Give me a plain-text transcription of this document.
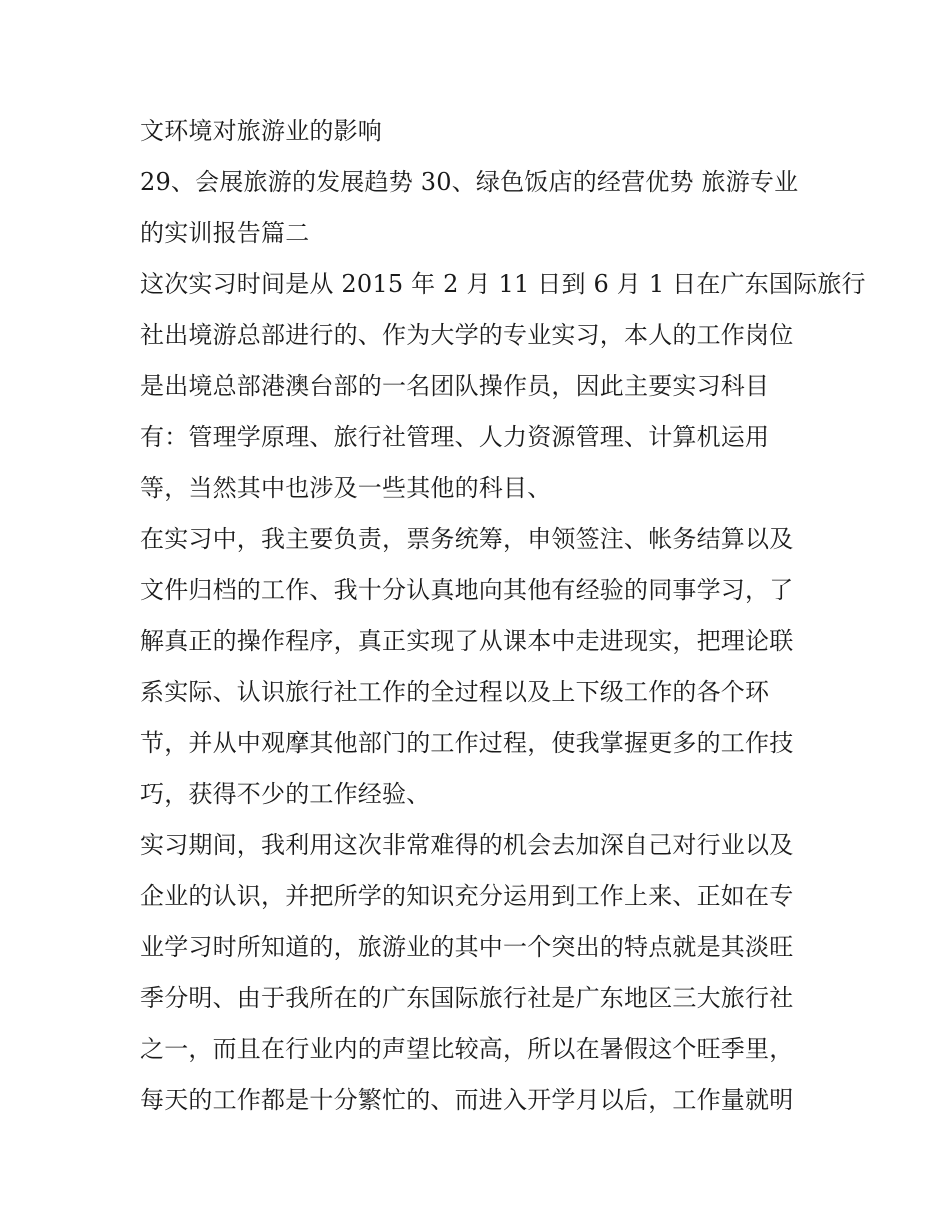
文环境对旅游业的影响
29、会展旅游的发展趋势 30、绿色饭店的经营优势 旅游专业
的实训报告篇二
这次实习时间是从 2015 年 2 月 11 日到 6 月 1 日在广东国际旅行
社出境游总部进行的、作为大学的专业实习，本人的工作岗位
是出境总部港澳台部的一名团队操作员，因此主要实习科目
有：管理学原理、旅行社管理、人力资源管理、计算机运用
等，当然其中也涉及一些其他的科目、
在实习中，我主要负责，票务统筹，申领签注、帐务结算以及
文件归档的工作、我十分认真地向其他有经验的同事学习，了
解真正的操作程序，真正实现了从课本中走进现实，把理论联
系实际、认识旅行社工作的全过程以及上下级工作的各个环
节，并从中观摩其他部门的工作过程，使我掌握更多的工作技
巧，获得不少的工作经验、
实习期间，我利用这次非常难得的机会去加深自己对行业以及
企业的认识，并把所学的知识充分运用到工作上来、正如在专
业学习时所知道的，旅游业的其中一个突出的特点就是其淡旺
季分明、由于我所在的广东国际旅行社是广东地区三大旅行社
之一，而且在行业内的声望比较高，所以在暑假这个旺季里，
每天的工作都是十分繁忙的、而进入开学月以后，工作量就明
